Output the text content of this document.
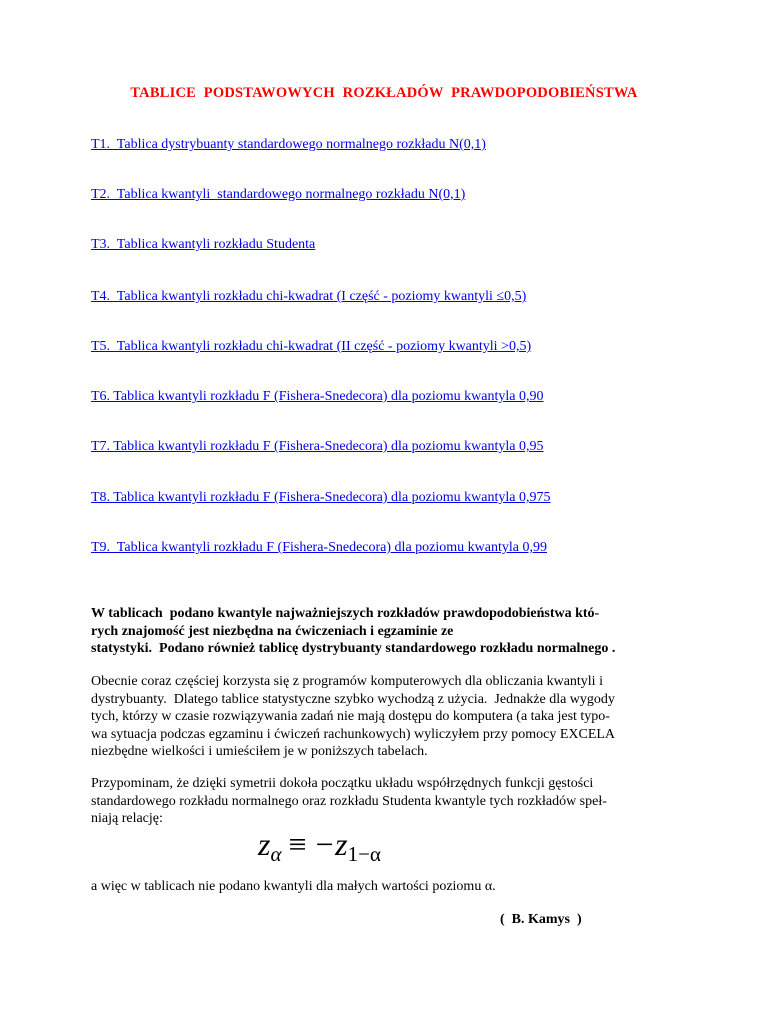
TABLICE PODSTAWOWYCH ROZKŁADÓW PRAWDOPODOBIEŃSTWA
T1.  Tablica dystrybuanty standardowego normalnego rozkładu N(0,1)
T2.  Tablica kwantyli  standardowego normalnego rozkładu N(0,1)
T3.  Tablica kwantyli rozkładu Studenta
T4.  Tablica kwantyli rozkładu chi-kwadrat (I część - poziomy kwantyli ≤0,5)
T5.  Tablica kwantyli rozkładu chi-kwadrat (II część - poziomy kwantyli >0,5)
T6. Tablica kwantyli rozkładu F (Fishera-Snedecora) dla poziomu kwantyla 0,90
T7. Tablica kwantyli rozkładu F (Fishera-Snedecora) dla poziomu kwantyla 0,95
T8. Tablica kwantyli rozkładu F (Fishera-Snedecora) dla poziomu kwantyla 0,975
T9.  Tablica kwantyli rozkładu F (Fishera-Snedecora) dla poziomu kwantyla 0,99
W tablicach  podano kwantyle najważniejszych rozkładów prawdopodobieństwa któ-
rych znajomość jest niezbędna na ćwiczeniach i egzaminie ze
statystyki.  Podano również tablicę dystrybuanty standardowego rozkładu normalnego .
Obecnie coraz częściej korzysta się z programów komputerowych dla obliczania kwantyli i
dystrybuanty.  Dlatego tablice statystyczne szybko wychodzą z użycia.  Jednakże dla wygody
tych, którzy w czasie rozwiązywania zadań nie mają dostępu do komputera (a taka jest typo-
wa sytuacja podczas egzaminu i ćwiczeń rachunkowych) wyliczyłem przy pomocy EXCELA
niezbędne wielkości i umieściłem je w poniższych tabelach.
Przypominam, że dzięki symetrii dokoła początku układu współrzędnych funkcji gęstości
standardowego rozkładu normalnego oraz rozkładu Studenta kwantyle tych rozkładów speł-
niają relację:
$z_\alpha \equiv -z_{1-\alpha}$
a więc w tablicach nie podano kwantyli dla małych wartości poziomu α.
(  B. Kamys  )
